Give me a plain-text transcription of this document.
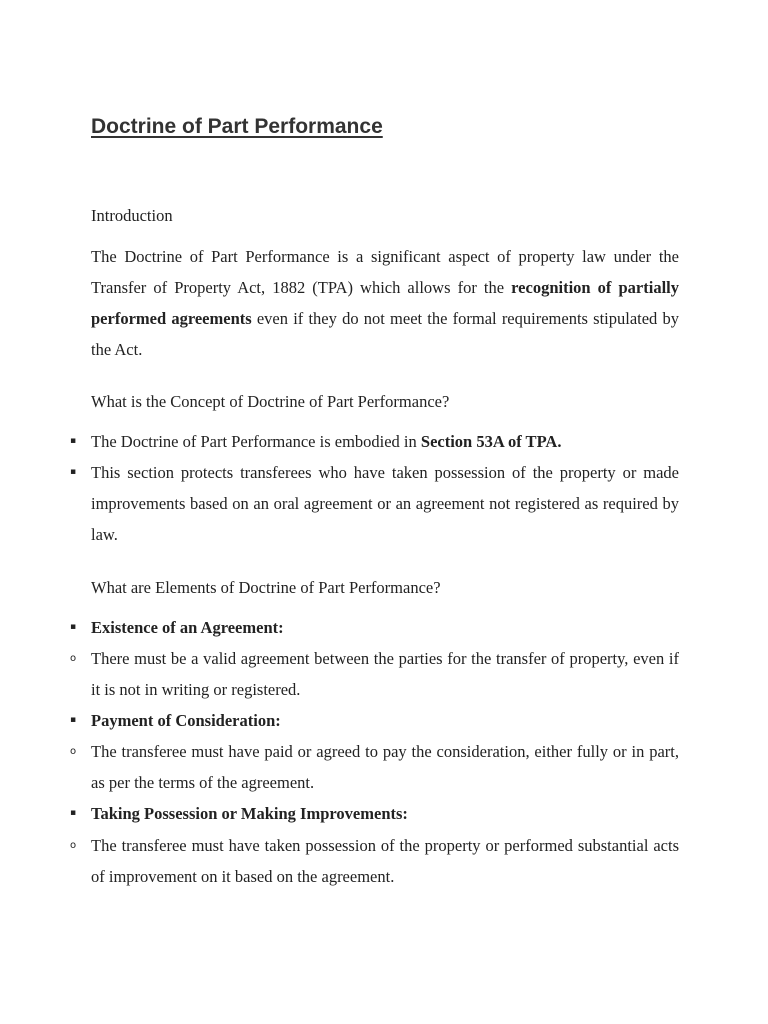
Doctrine of Part Performance

Introduction

The Doctrine of Part Performance is a significant aspect of property law under the Transfer of Property Act, 1882 (TPA) which allows for the recognition of partially performed agreements even if they do not meet the formal requirements stipulated by the Act.

What is the Concept of Doctrine of Part Performance?

▪ The Doctrine of Part Performance is embodied in Section 53A of TPA.
▪ This section protects transferees who have taken possession of the property or made improvements based on an oral agreement or an agreement not registered as required by law.

What are Elements of Doctrine of Part Performance?

▪ Existence of an Agreement:
o There must be a valid agreement between the parties for the transfer of property, even if it is not in writing or registered.
▪ Payment of Consideration:
o The transferee must have paid or agreed to pay the consideration, either fully or in part, as per the terms of the agreement.
▪ Taking Possession or Making Improvements:
o The transferee must have taken possession of the property or performed substantial acts of improvement on it based on the agreement.
